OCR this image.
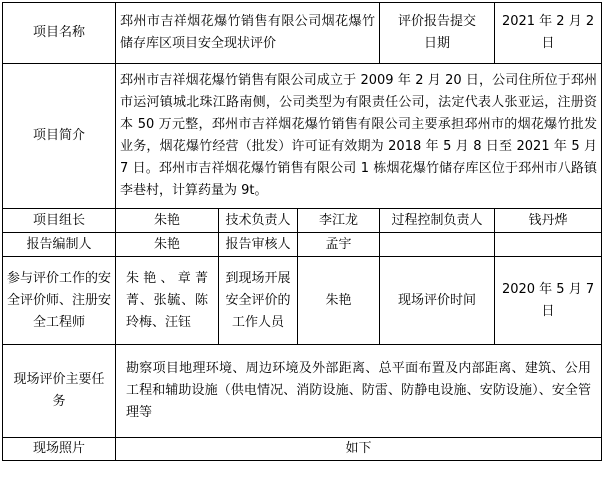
项目名称	邳州市吉祥烟花爆竹销售有限公司烟花爆竹储存库区项目安全现状评价			评价报告提交日期	2021 年 2 月 2 日
项目简介	邳州市吉祥烟花爆竹销售有限公司成立于 2009 年 2 月 20 日，公司住所位于邳州市运河镇城北珠江路南侧，公司类型为有限责任公司，法定代表人张亚运，注册资本 50 万元整，邳州市吉祥烟花爆竹销售有限公司主要承担邳州市的烟花爆竹批发业务，烟花爆竹经营（批发）许可证有效期为 2018 年 5 月 8 日至 2021 年 5 月 7 日。邳州市吉祥烟花爆竹销售有限公司 1 栋烟花爆竹储存库区位于邳州市八路镇李巷村，计算药量为 9t。				
项目组长	朱艳	技术负责人	李江龙	过程控制负责人	钱丹烨
报告编制人	朱艳	报告审核人	孟宇		
参与评价工作的安全评价师、注册安全工程师	朱艳、章菁菁、张毓、陈玲梅、汪钰	到现场开展安全评价的工作人员	朱艳	现场评价时间	2020 年 5 月 7 日
现场评价主要任务	勘察项目地理环境、周边环境及外部距离、总平面布置及内部距离、建筑、公用工程和辅助设施（供电情况、消防设施、防雷、防静电设施、安防设施）、安全管理等				
现场照片	如下				
